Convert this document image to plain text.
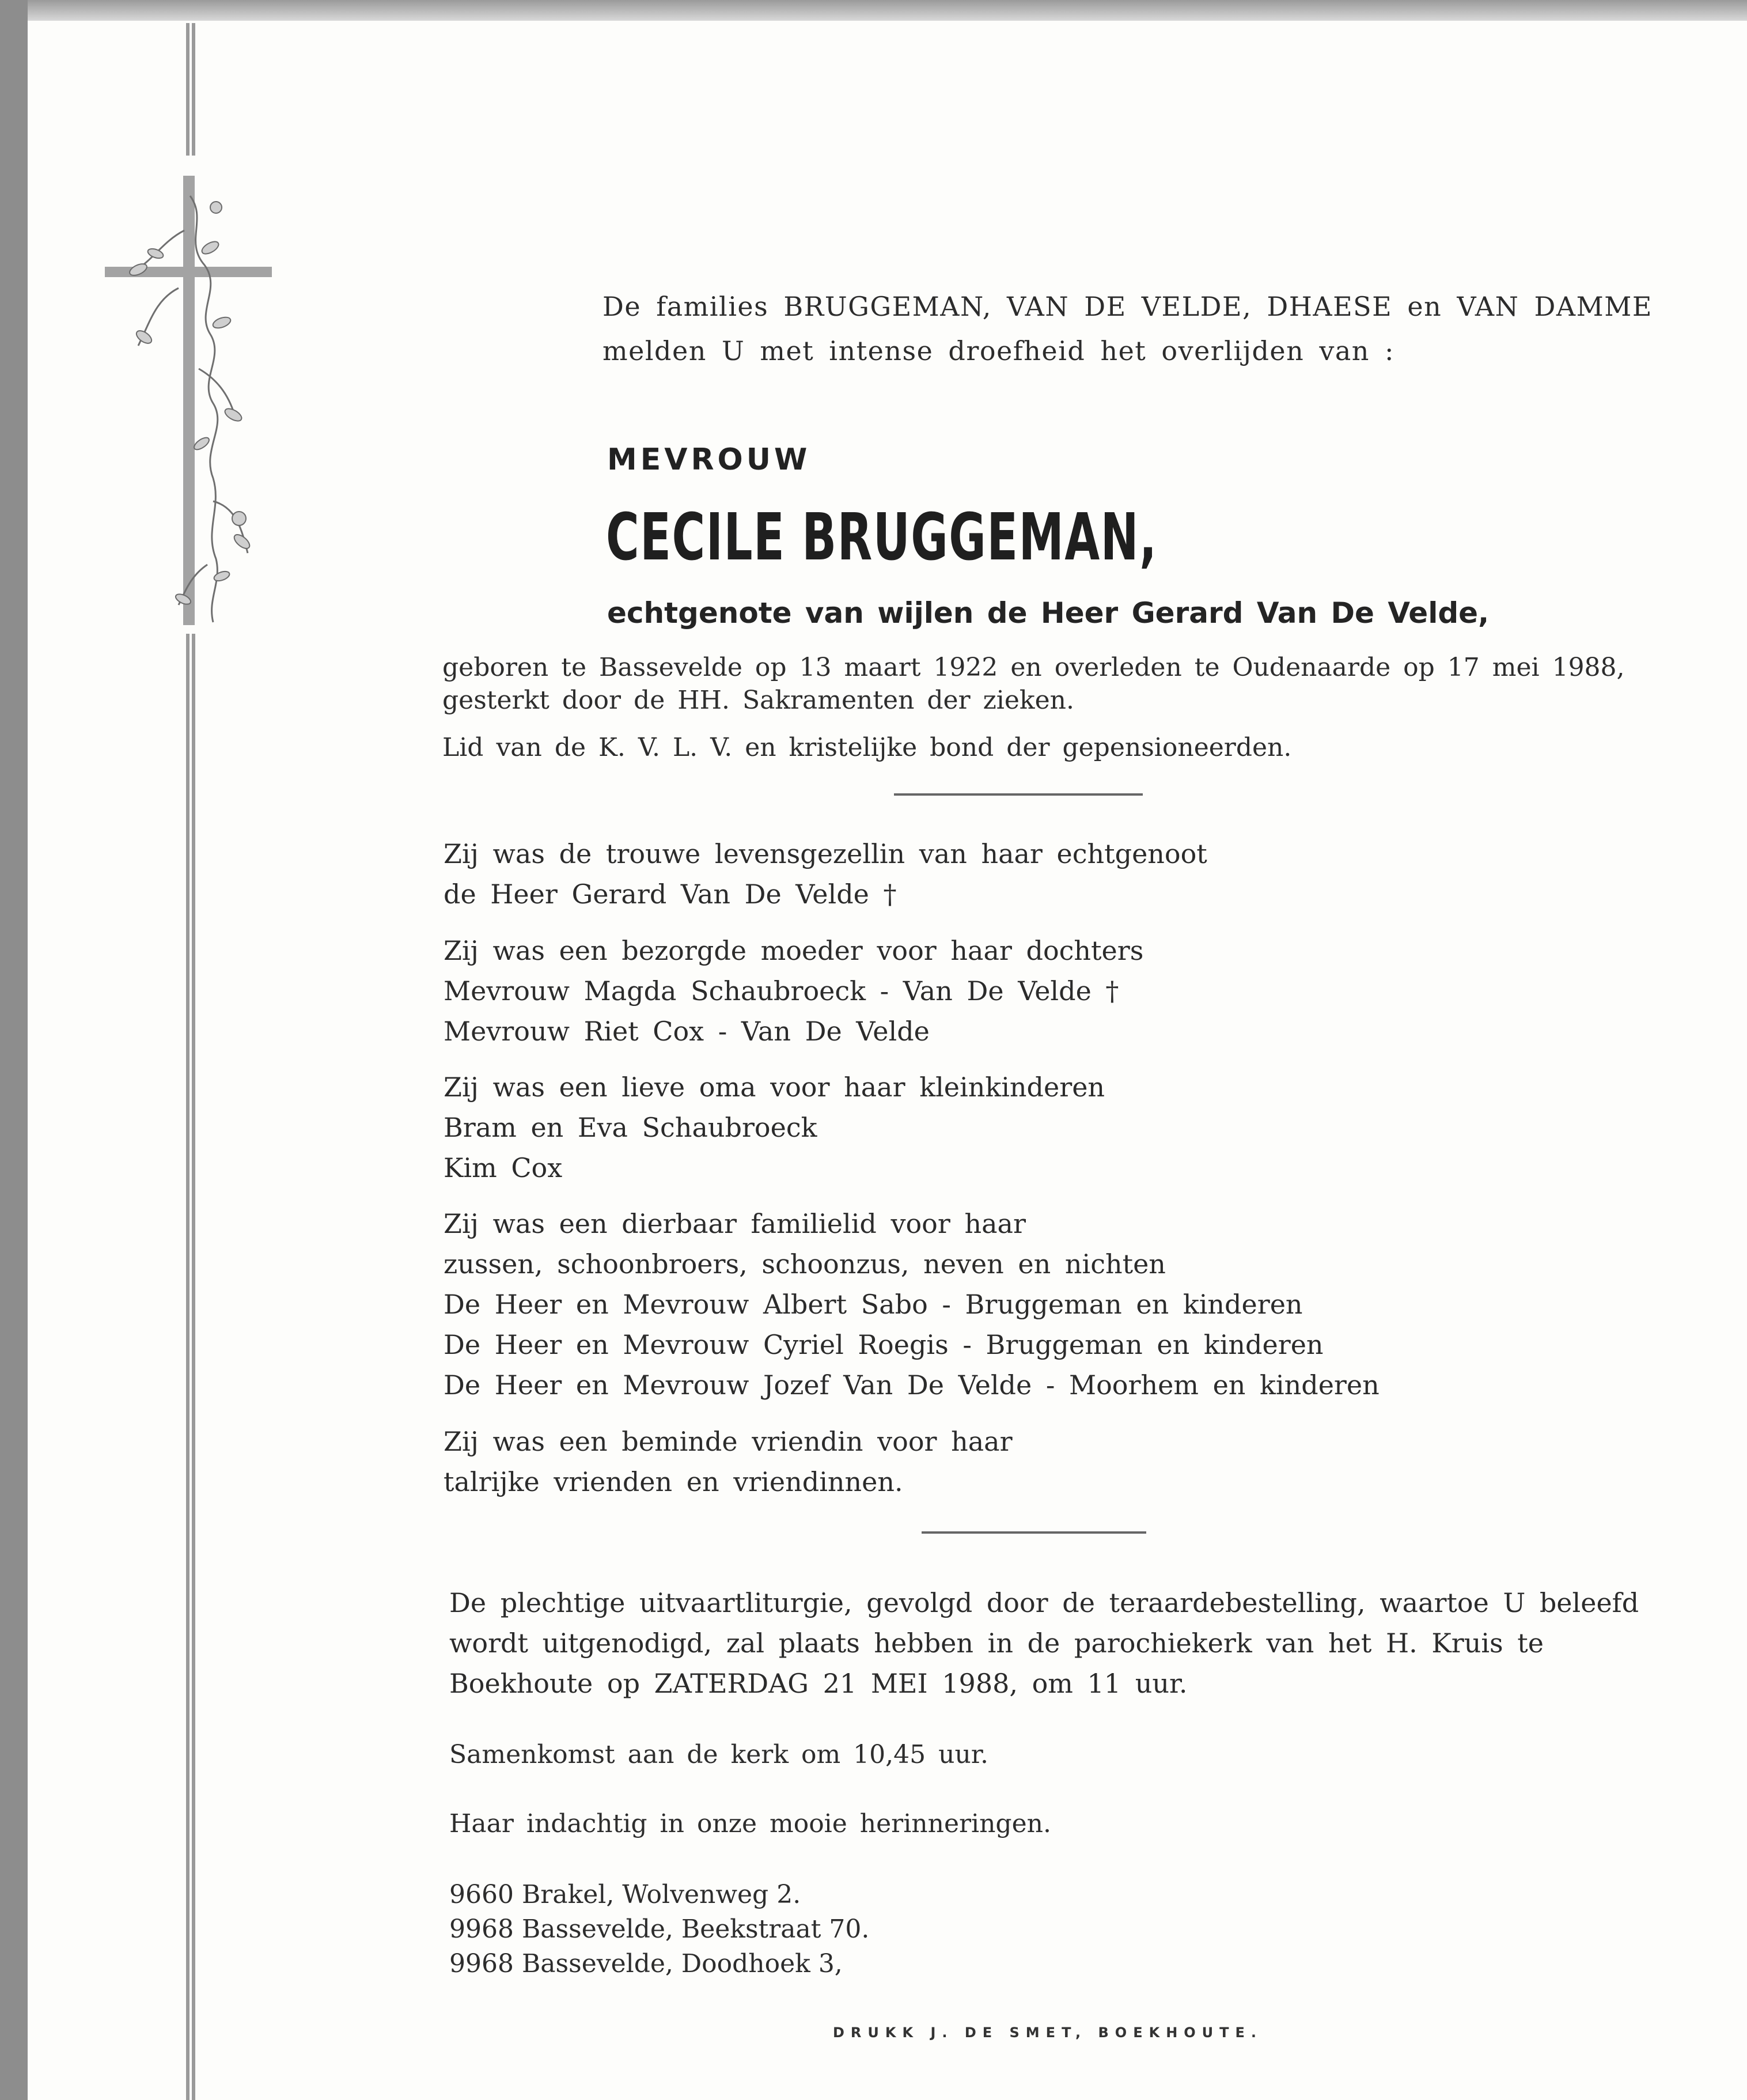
De families BRUGGEMAN, VAN DE VELDE, DHAESE en VAN DAMME

melden U met intense droefheid het overlijden van :

MEVROUW

CECILE BRUGGEMAN,

echtgenote van wijlen de Heer Gerard Van De Velde,

geboren te Bassevelde op 13 maart 1922 en overleden te Oudenaarde op 17 mei 1988,

gesterkt door de HH. Sakramenten der zieken.

Lid van de K. V. L. V. en kristelijke bond der gepensioneerden.

Zij was de trouwe levensgezellin van haar echtgenoot

de Heer Gerard Van De Velde †

Zij was een bezorgde moeder voor haar dochters

Mevrouw Magda Schaubroeck - Van De Velde †

Mevrouw Riet Cox - Van De Velde

Zij was een lieve oma voor haar kleinkinderen

Bram en Eva Schaubroeck

Kim Cox

Zij was een dierbaar familielid voor haar

zussen, schoonbroers, schoonzus, neven en nichten

De Heer en Mevrouw Albert Sabo - Bruggeman en kinderen

De Heer en Mevrouw Cyriel Roegis - Bruggeman en kinderen

De Heer en Mevrouw Jozef Van De Velde - Moorhem en kinderen

Zij was een beminde vriendin voor haar

talrijke vrienden en vriendinnen.

De plechtige uitvaartliturgie, gevolgd door de teraardebestelling, waartoe U beleefd

wordt uitgenodigd, zal plaats hebben in de parochiekerk van het H. Kruis te

Boekhoute op ZATERDAG 21 MEI 1988, om 11 uur.

Samenkomst aan de kerk om 10,45 uur.

Haar indachtig in onze mooie herinneringen.

9660 Brakel, Wolvenweg 2.

9968 Bassevelde, Beekstraat 70.

9968 Bassevelde, Doodhoek 3,

DRUKK J. DE SMET, BOEKHOUTE.
